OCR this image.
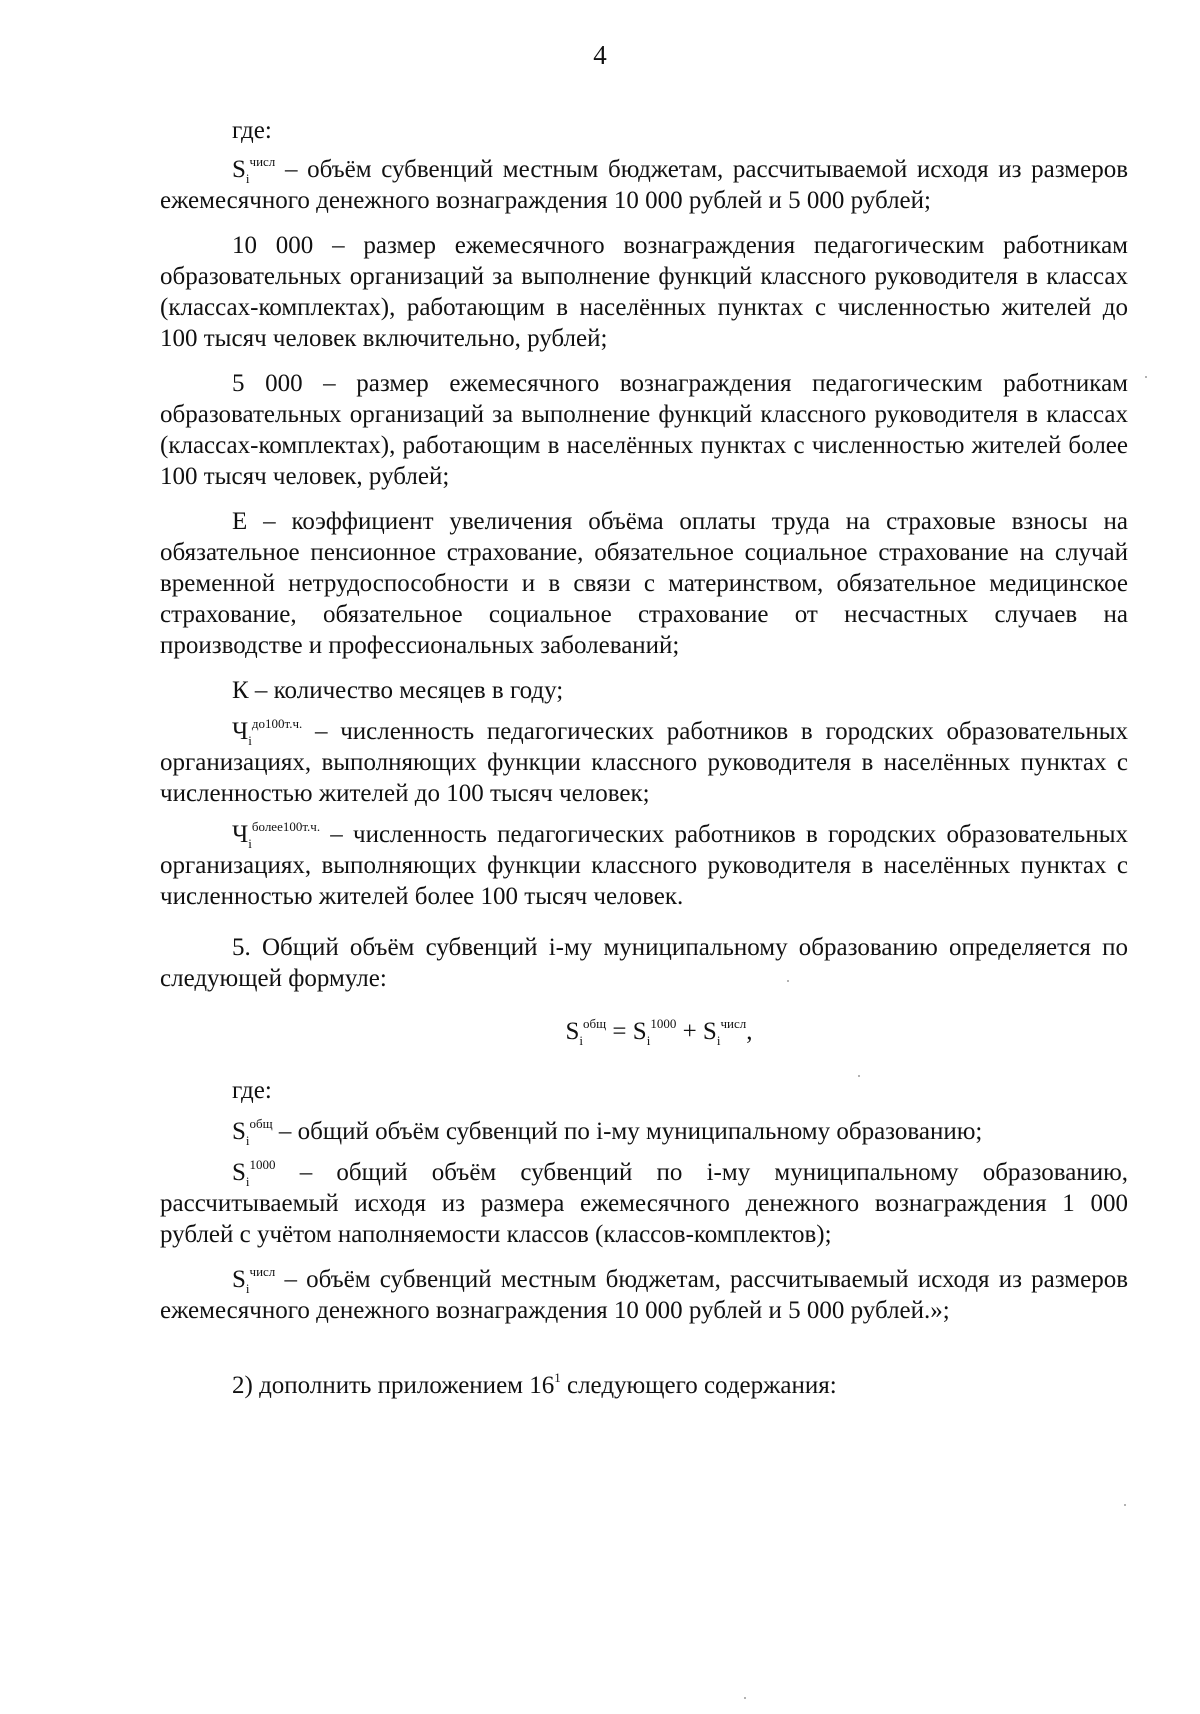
4

где:

$S_i^{числ}$ – объём субвенций местным бюджетам, рассчитываемой исходя из размеров ежемесячного денежного вознаграждения 10 000 рублей и 5 000 рублей;

10 000 – размер ежемесячного вознаграждения педагогическим работникам образовательных организаций за выполнение функций классного руководителя в классах (классах-комплектах), работающим в населённых пунктах с численностью жителей до 100 тысяч человек включительно, рублей;

5 000 – размер ежемесячного вознаграждения педагогическим работникам образовательных организаций за выполнение функций классного руководителя в классах (классах-комплектах), работающим в населённых пунктах с численностью жителей более 100 тысяч человек, рублей;

Е – коэффициент увеличения объёма оплаты труда на страховые взносы на обязательное пенсионное страхование, обязательное социальное страхование на случай временной нетрудоспособности и в связи с материнством, обязательное медицинское страхование, обязательное социальное страхование от несчастных случаев на производстве и профессиональных заболеваний;

К – количество месяцев в году;

$Ч_i^{до100т.ч.}$ – численность педагогических работников в городских образовательных организациях, выполняющих функции классного руководителя в населённых пунктах с численностью жителей до 100 тысяч человек;

$Ч_i^{более100т.ч.}$ – численность педагогических работников в городских образовательных организациях, выполняющих функции классного руководителя в населённых пунктах с численностью жителей более 100 тысяч человек.

5. Общий объём субвенций i-му муниципальному образованию определяется по следующей формуле:

$S_i^{общ} = S_i^{1000} + S_i^{числ}$,

где:

$S_i^{общ}$ – общий объём субвенций по i-му муниципальному образованию;

$S_i^{1000}$ – общий объём субвенций по i-му муниципальному образованию, рассчитываемый исходя из размера ежемесячного денежного вознаграждения 1 000 рублей с учётом наполняемости классов (классов-комплектов);

$S_i^{числ}$ – объём субвенций местным бюджетам, рассчитываемый исходя из размеров ежемесячного денежного вознаграждения 10 000 рублей и 5 000 рублей.»;

2) дополнить приложением $16^1$ следующего содержания:
